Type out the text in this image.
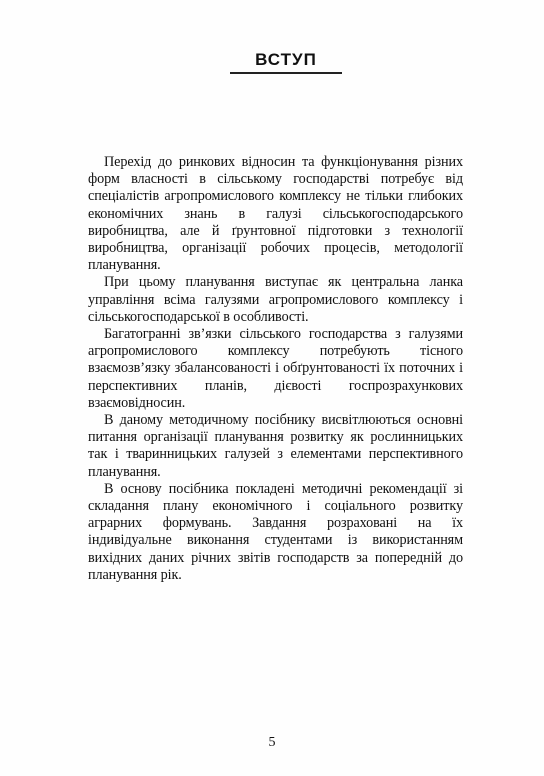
ВСТУП

Перехід до ринкових відносин та функціонування різних форм власності в сільському господарстві потребує від спеціалістів агропромислового комплексу не тільки глибоких економічних знань в галузі сільськогосподарського виробництва, але й ґрунтовної підготовки з технології виробництва, організації робочих процесів, методології планування.

При цьому планування виступає як центральна ланка управління всіма галузями агропромислового комплексу і сільськогосподарської в особливості.

Багатогранні зв’язки сільського господарства з галузями агропромислового комплексу потребують тісного взаємозв’язку збалансованості і обґрунтованості їх поточних і перспективних планів, дієвості госпрозрахункових взаємовідносин.

В даному методичному посібнику висвітлюються основні питання організації планування розвитку як рослинницьких так і тваринницьких галузей з елементами перспективного планування.

В основу посібника покладені методичні рекомендації зі складання плану економічного і соціального розвитку аграрних формувань. Завдання розраховані на їх індивідуальне виконання студентами із використанням вихідних даних річних звітів господарств за попередній до планування рік.

5
